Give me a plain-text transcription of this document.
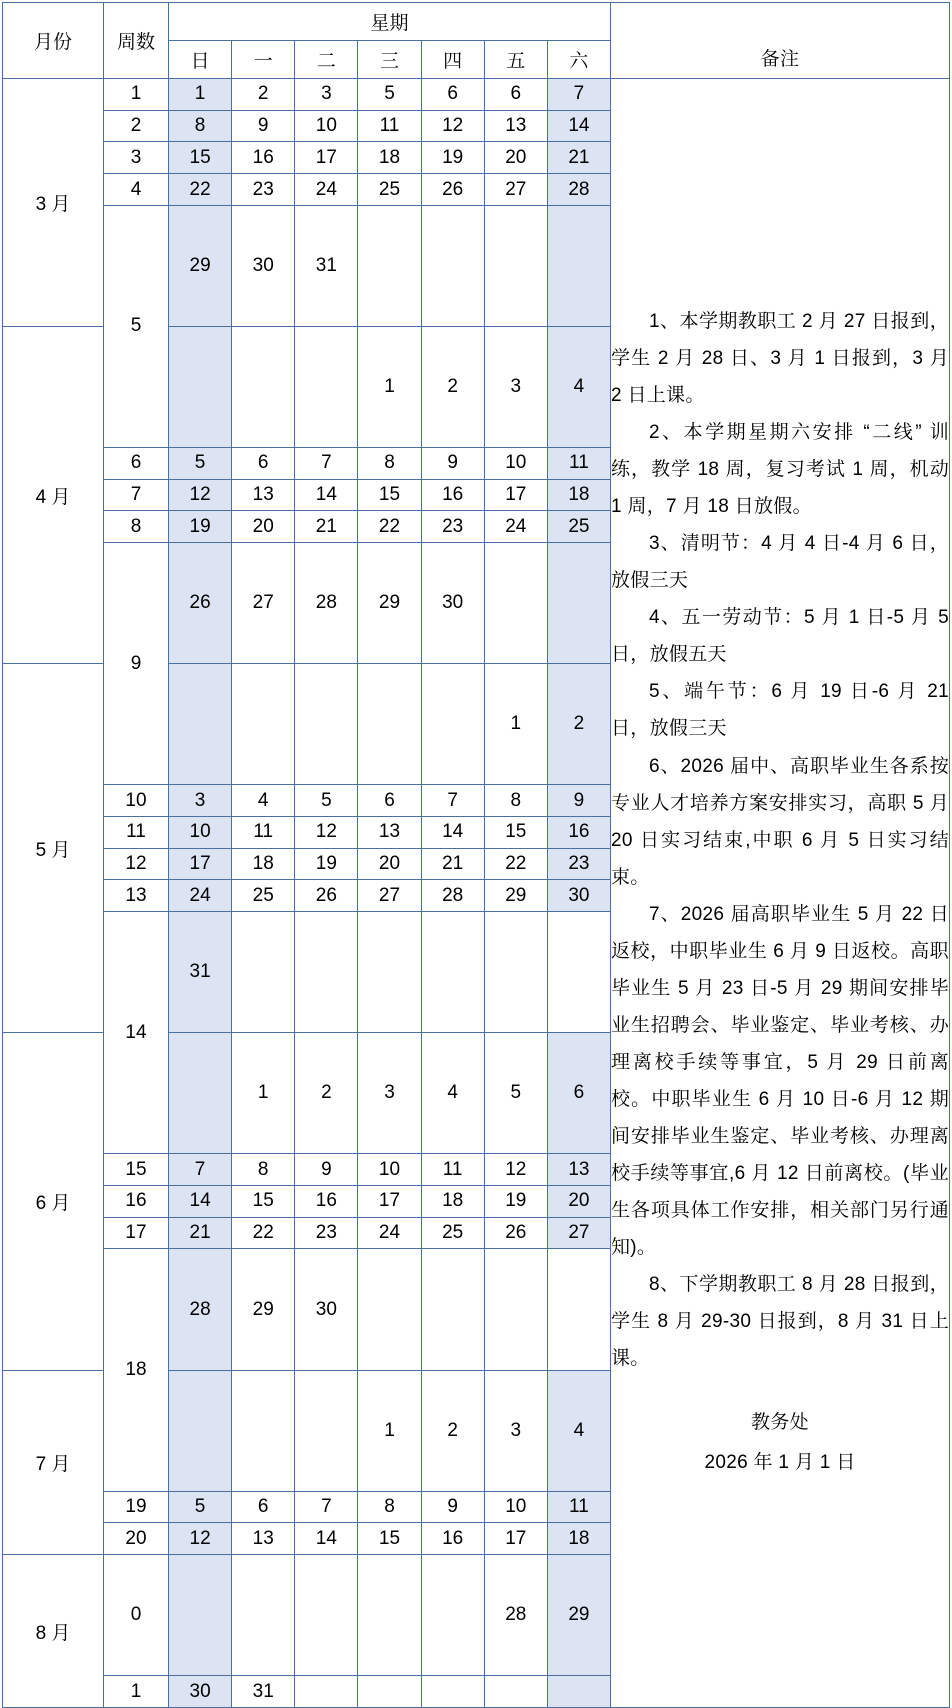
月份	周数	星期							备注
		日	一	二	三	四	五	六	

3 月	1	1	2	3	5	6	6	7	

1、本学期教职工 2 月 27 日报到，学生 2 月 28 日、3 月 1 日报到，3 月 2 日上课。

2、本学期星期六安排 “二线” 训练，教学 18 周，复习考试 1 周，机动 1 周，7 月 18 日放假。

3、清明节：4 月 4 日-4 月 6 日，放假三天

4、五一劳动节：5 月 1 日-5 月 5 日，放假五天

5、端午节：6 月 19 日-6 月 21 日，放假三天

6、2026 届中、高职毕业生各系按专业人才培养方案安排实习，高职 5 月 20 日实习结束,中职 6 月 5 日实习结束。

7、2026 届高职毕业生 5 月 22 日返校，中职毕业生 6 月 9 日返校。高职毕业生 5 月 23 日-5 月 29 期间安排毕业生招聘会、毕业鉴定、毕业考核、办理离校手续等事宜，5 月 29 日前离校。中职毕业生 6 月 10 日-6 月 12 期间安排毕业生鉴定、毕业考核、办理离校手续等事宜,6 月 12 日前离校。(毕业生各项具体工作安排，相关部门另行通知)。

8、下学期教职工 8 月 28 日报到，学生 8 月 29-30 日报到，8 月 31 日上课。

教务处
2026 年 1 月 1 日

	2	8	9	10	11	12	13	14	
	3	15	16	17	18	19	20	21	
	4	22	23	24	25	26	27	28	
	5	29	30	31					
4 月					1	2	3	4	
	6	5	6	7	8	9	10	11	
	7	12	13	14	15	16	17	18	
	8	19	20	21	22	23	24	25	
	9	26	27	28	29	30			
5 月							1	2	
	10	3	4	5	6	7	8	9	
	11	10	11	12	13	14	15	16	
	12	17	18	19	20	21	22	23	
	13	24	25	26	27	28	29	30	
	14	31							
6 月			1	2	3	4	5	6	
	15	7	8	9	10	11	12	13	
	16	14	15	16	17	18	19	20	
	17	21	22	23	24	25	26	27	
	18	28	29	30					
7 月					1	2	3	4	
	19	5	6	7	8	9	10	11	
	20	12	13	14	15	16	17	18	
8 月	0						28	29	
	1	30	31						
